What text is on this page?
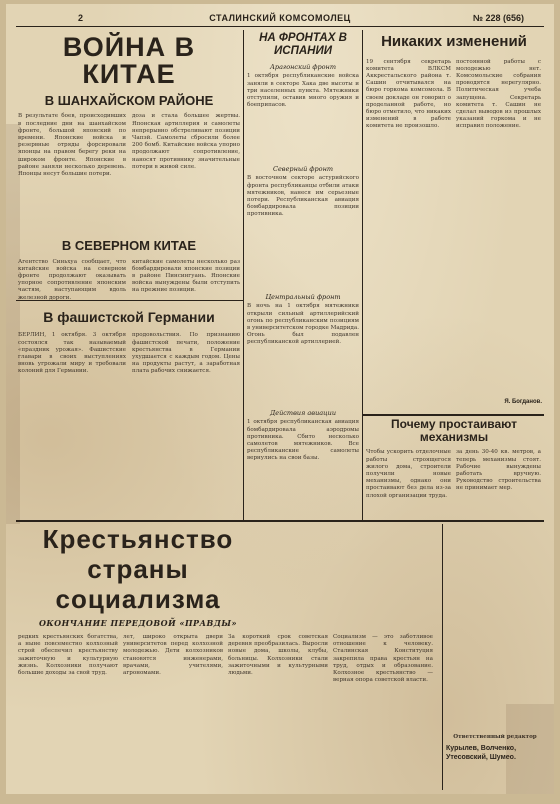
2	СТАЛИНСКИЙ КОМСОМОЛЕЦ	№ 228 (656)
ВОЙНА В КИТАЕ
В ШАНХАЙСКОМ РАЙОНЕ
В результате боев, происходивших в последние дни на шанхайском фронте, большой японский по времени. Японские войска и резервные отряды форсировали японцы на правом берегу реки на широком фронте. Японские в районе заняли несколько деревень. Японцы несут большие потери.
доза и стала большее жертвы. Японская артиллерия и самолеты непрерывно обстреливают позиции Чапэй. Самолеты сбросили более 200 бомб. Китайские войска упорно продолжают сопротивление, наносят противнику значительные потери в живой силе.
В СЕВЕРНОМ КИТАЕ
Агентство Синьхуа сообщает, что китайские войска на северном фронте продолжают оказывать упорное сопротивление японским частям, наступающим вдоль железной дороги.
китайские самолеты несколько раз бомбардировали японские позиции в районе Пинсингуань. Японские войска вынуждены были отступить на прежние позиции.
В фашистской Германии
БЕРЛИН, 1 октября. 3 октября состоялся так называемый «праздник урожая». Фашистские главари в своих выступлениях вновь угрожали миру и требовали колоний для Германии.
продовольствия. По признанию фашистской печати, положение крестьянства в Германии ухудшается с каждым годом. Цены на продукты растут, а заработная плата рабочих снижается.
НА ФРОНТАХ В ИСПАНИИ
Арагонский фронт
1 октября республиканские войска заняли в секторе Хака две высоты и три населенных пункта. Мятежники отступили, оставив много оружия и боеприпасов.
Северный фронт
В восточном секторе астурийского фронта республиканцы отбили атаки мятежников, нанеся им серьезные потери. Республиканская авиация бомбардировала позиции противника.
Центральный фронт
В ночь на 1 октября мятежники открыли сильный артиллерийский огонь по республиканским позициям в университетском городке Мадрида. Огонь был подавлен республиканской артиллерией.
Действия авиации
1 октября республиканская авиация бомбардировала аэродромы противника. Сбито несколько самолетов мятежников. Все республиканские самолеты вернулись на свои базы.
Никаких изменений
19 сентября секретарь комитета ВЛКСМ Аккрестальского района т. Сашин отчитывался на бюро горкома комсомола. В своем докладе он говорил о проделанной работе, но бюро отметило, что никаких изменений в работе комитета не произошло.
постоянной работы с молодежью нет. Комсомольские собрания проводятся нерегулярно. Политическая учеба запущена. Секретарь комитета т. Сашин не сделал выводов из прошлых указаний горкома и не исправил положение.
Я. Богданов.
Почему простаивают механизмы
Чтобы ускорить отделочные работы строящегося жилого дома, строители получили новые механизмы, однако они простаивают без дела из-за плохой организации труда.
за день 30-40 кв. метров, а теперь механизмы стоят. Рабочие вынуждены работать вручную. Руководство строительства не принимает мер.
Крестьянство страны социализма
ОКОНЧАНИЕ ПЕРЕДОВОЙ «ПРАВДЫ»
редких крестьянских богатства, а ныне повсеместно колхозный строй обеспечил крестьянству зажиточную и культурную жизнь. Колхозники получают большие доходы за свой труд.
лет, широко открыта двери университетов перед колхозной молодежью. Дети колхозников становятся инженерами, врачами, учителями, агрономами.
За короткий срок советская деревня преобразилась. Выросли новые дома, школы, клубы, больницы. Колхозники стали зажиточными и культурными людьми.
Социализм — это заботливое отношение к человеку. Сталинская Конституция закрепила права крестьян на труд, отдых и образование. Колхозное крестьянство — верная опора советской власти.
Ответственный редактор
Курылев, Волченко, Утесовский, Шумео.
